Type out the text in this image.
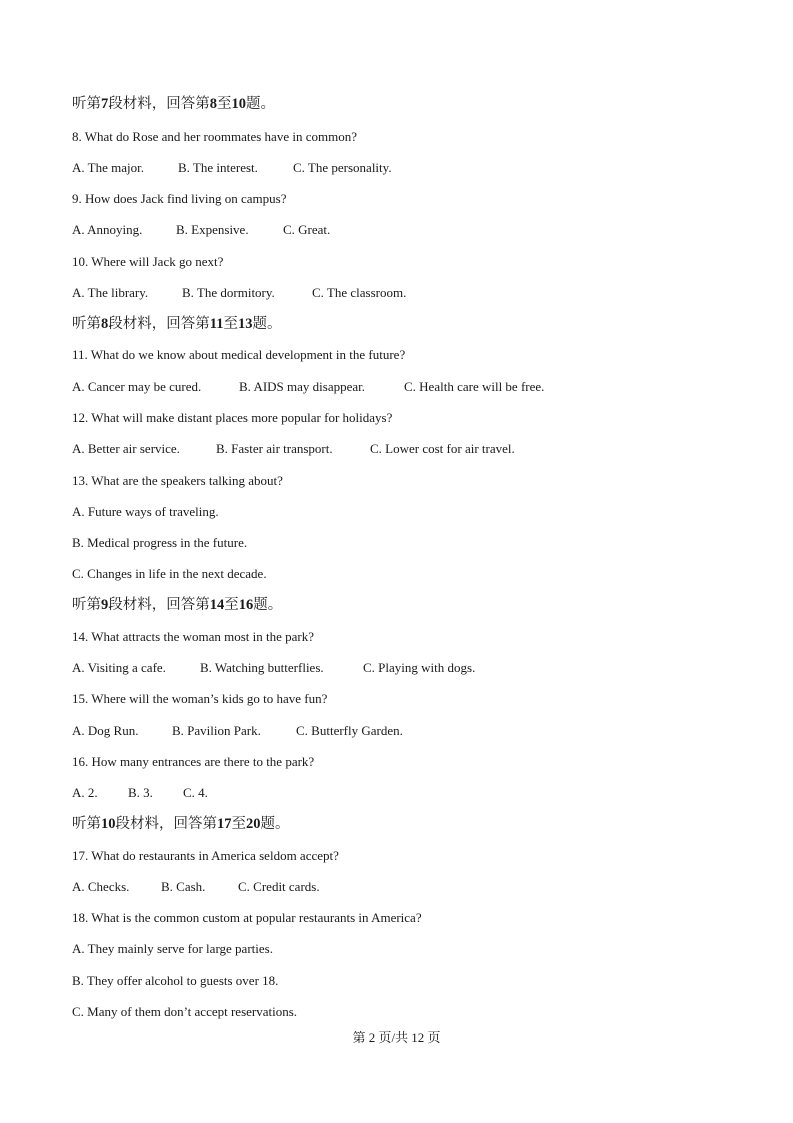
听第7段材料，回答第8至10题。
8. What do Rose and her roommates have in common?
A. The major.	B. The interest.	C. The personality.
9. How does Jack find living on campus?
A. Annoying.	B. Expensive.	C. Great.
10. Where will Jack go next?
A. The library.	B. The dormitory.	C. The classroom.
听第8段材料，回答第11至13题。
11. What do we know about medical development in the future?
A. Cancer may be cured.	B. AIDS may disappear.	C. Health care will be free.
12. What will make distant places more popular for holidays?
A. Better air service.	B. Faster air transport.	C. Lower cost for air travel.
13. What are the speakers talking about?
A. Future ways of traveling.
B. Medical progress in the future.
C. Changes in life in the next decade.
听第9段材料，回答第14至16题。
14. What attracts the woman most in the park?
A. Visiting a cafe.	B. Watching butterflies.	C. Playing with dogs.
15. Where will the woman’s kids go to have fun?
A. Dog Run.	B. Pavilion Park.	C. Butterfly Garden.
16. How many entrances are there to the park?
A. 2. B. 3. C. 4.
听第10段材料，回答第17至20题。
17. What do restaurants in America seldom accept?
A. Checks. B. Cash.	C. Credit cards.
18. What is the common custom at popular restaurants in America?
A. They mainly serve for large parties.
B. They offer alcohol to guests over 18.
C. Many of them don’t accept reservations.
第 2 页/共 12 页
